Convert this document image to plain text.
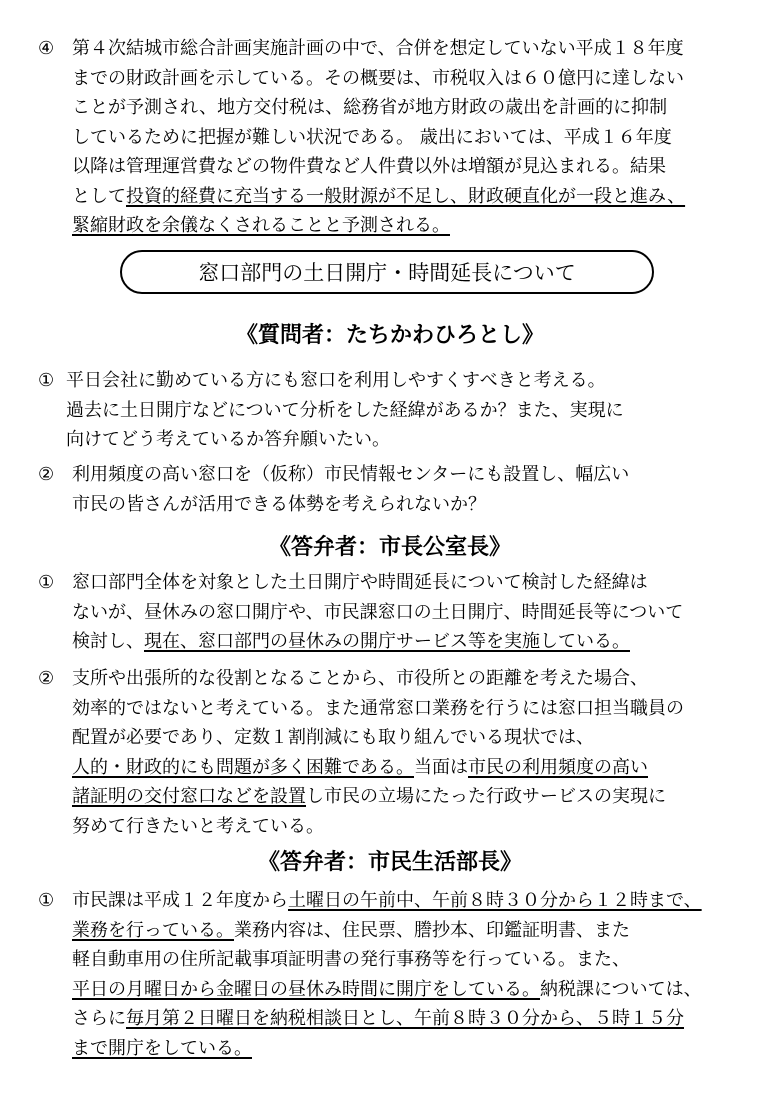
④ 第４次結城市総合計画実施計画の中で、合併を想定していない平成１８年度
までの財政計画を示している。その概要は、市税収入は６０億円に達しない
ことが予測され、地方交付税は、総務省が地方財政の歳出を計画的に抑制
しているために把握が難しい状況である。 歳出においては、平成１６年度
以降は管理運営費などの物件費など人件費以外は増額が見込まれる。結果
として投資的経費に充当する一般財源が不足し、財政硬直化が一段と進み、
緊縮財政を余儀なくされることと予測される。
窓口部門の土日開庁・時間延長について
《質問者：たちかわひろとし》
① 平日会社に勤めている方にも窓口を利用しやすくすべきと考える。
過去に土日開庁などについて分析をした経緯があるか？また、実現に
向けてどう考えているか答弁願いたい。
② 利用頻度の高い窓口を（仮称）市民情報センターにも設置し、幅広い
市民の皆さんが活用できる体勢を考えられないか？
《答弁者：市長公室長》
① 窓口部門全体を対象とした土日開庁や時間延長について検討した経緯は
ないが、昼休みの窓口開庁や、市民課窓口の土日開庁、時間延長等について
検討し、現在、窓口部門の昼休みの開庁サービス等を実施している。
② 支所や出張所的な役割となることから、市役所との距離を考えた場合、
効率的ではないと考えている。また通常窓口業務を行うには窓口担当職員の
配置が必要であり、定数１割削減にも取り組んでいる現状では、
人的・財政的にも問題が多く困難である。当面は市民の利用頻度の高い
諸証明の交付窓口などを設置し市民の立場にたった行政サービスの実現に
努めて行きたいと考えている。
《答弁者：市民生活部長》
① 市民課は平成１２年度から土曜日の午前中、午前８時３０分から１２時まで、
業務を行っている。業務内容は、住民票、謄抄本、印鑑証明書、また
軽自動車用の住所記載事項証明書の発行事務等を行っている。また、
平日の月曜日から金曜日の昼休み時間に開庁をしている。納税課については、
さらに毎月第２日曜日を納税相談日とし、午前８時３０分から、５時１５分
まで開庁をしている。
